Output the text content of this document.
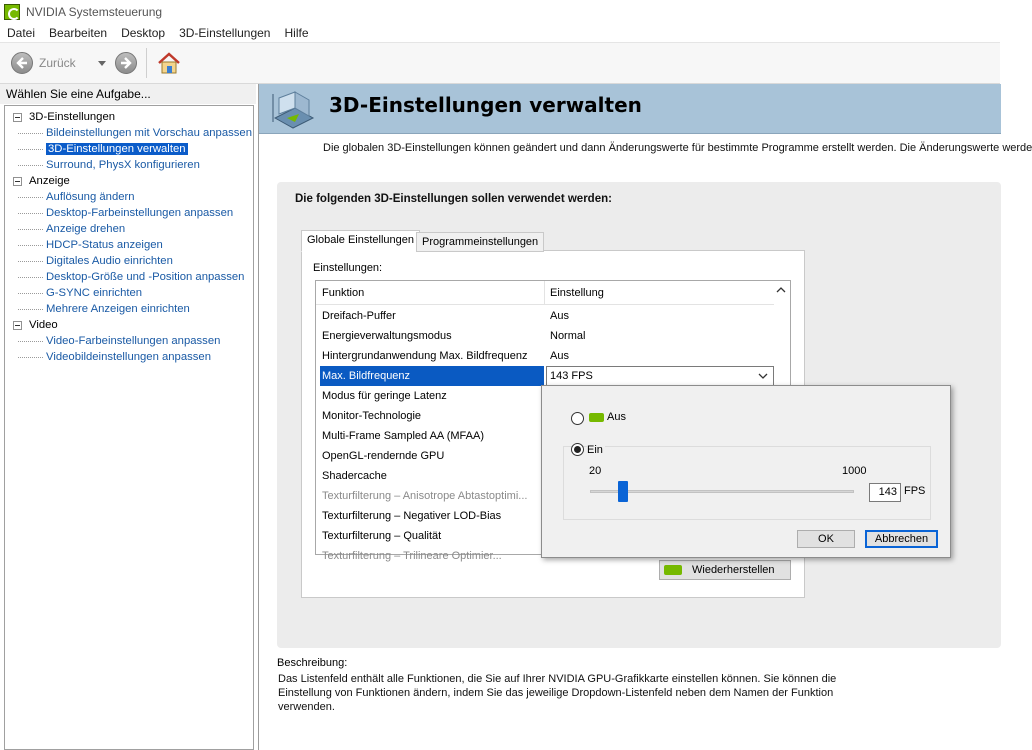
NVIDIA Systemsteuerung
Datei	Bearbeiten	Desktop	3D-Einstellungen	Hilfe
Zurück
Wählen Sie eine Aufgabe...
3D-Einstellungen
Bildeinstellungen mit Vorschau anpassen
3D-Einstellungen verwalten
Surround, PhysX konfigurieren
Anzeige
Auflösung ändern
Desktop-Farbeinstellungen anpassen
Anzeige drehen
HDCP-Status anzeigen
Digitales Audio einrichten
Desktop-Größe und -Position anpassen
G-SYNC einrichten
Mehrere Anzeigen einrichten
Video
Video-Farbeinstellungen anpassen
Videobildeinstellungen anpassen
3D-Einstellungen verwalten
Die globalen 3D-Einstellungen können geändert und dann Änderungswerte für bestimmte Programme erstellt werden. Die Änderungswerte werde
Die folgenden 3D-Einstellungen sollen verwendet werden:
Globale Einstellungen Programmeinstellungen
Einstellungen:
Funktion	Einstellung
Dreifach-Puffer	Aus
Energieverwaltungsmodus	Normal
Hintergrundanwendung Max. Bildfrequenz Aus
Max. Bildfrequenz	143 FPS
Modus für geringe Latenz
Monitor-Technologie
Multi-Frame Sampled AA (MFAA)
OpenGL-rendernde GPU
Shadercache
Texturfilterung – Anisotrope Abtastoptimi...
Texturfilterung – Negativer LOD-Bias
Texturfilterung – Qualität
Texturfilterung – Trilineare Optimier...
Wiederherstellen
Beschreibung:
Das Listenfeld enthält alle Funktionen, die Sie auf Ihrer NVIDIA GPU-Grafikkarte einstellen können. Sie können die Einstellung von Funktionen ändern, indem Sie das jeweilige Dropdown-Listenfeld neben dem Namen der Funktion verwenden.
Aus
Ein
20	1000
143 FPS
OK	Abbrechen
